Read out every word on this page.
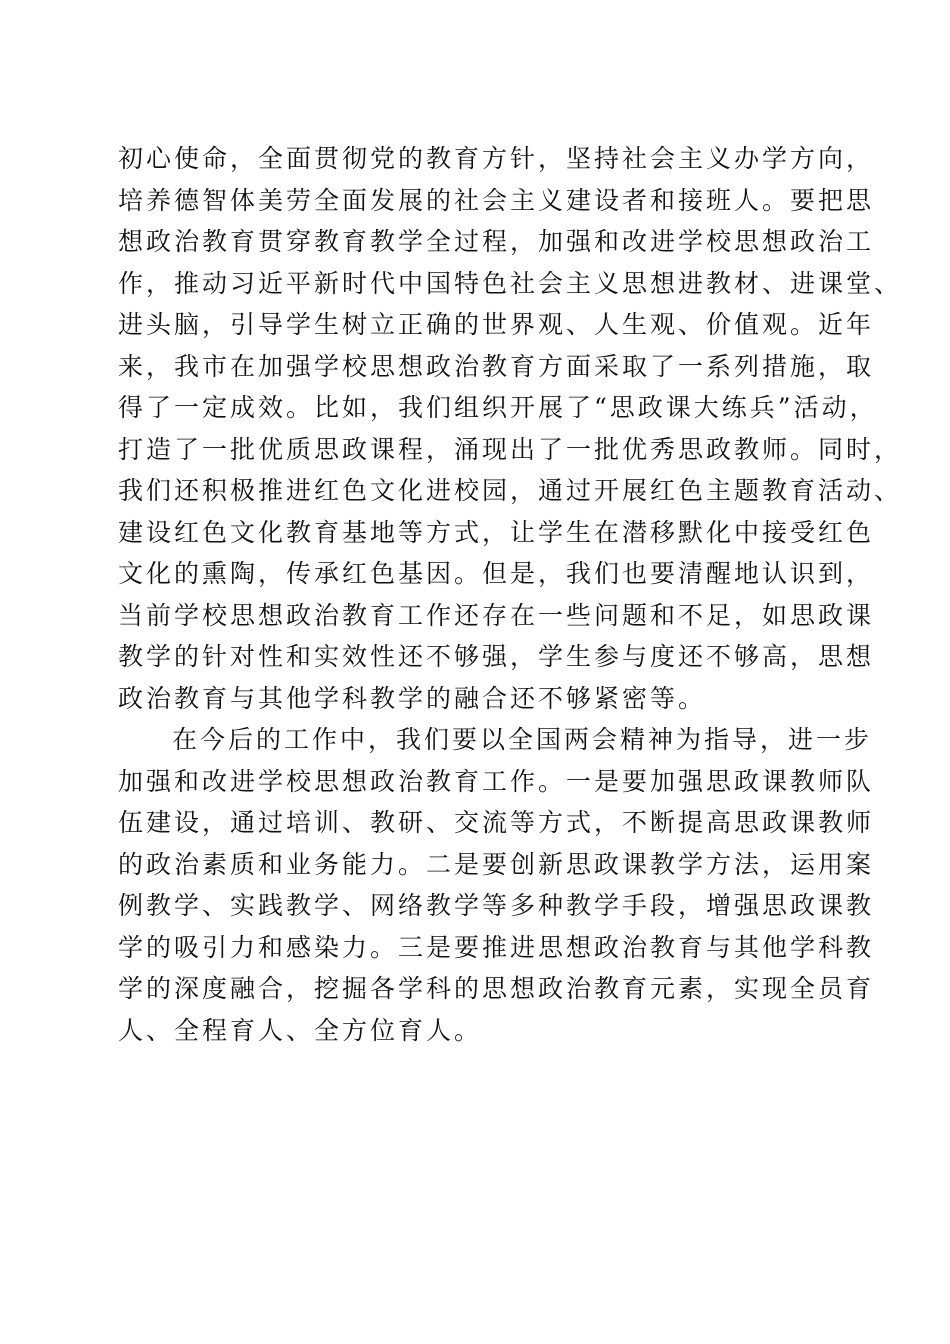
初心使命，全面贯彻党的教育方针，坚持社会主义办学方向，
培养德智体美劳全面发展的社会主义建设者和接班人。要把思
想政治教育贯穿教育教学全过程，加强和改进学校思想政治工
作，推动习近平新时代中国特色社会主义思想进教材、进课堂、
进头脑，引导学生树立正确的世界观、人生观、价值观。近年
来，我市在加强学校思想政治教育方面采取了一系列措施，取
得了一定成效。比如，我们组织开展了“思政课大练兵”活动，
打造了一批优质思政课程，涌现出了一批优秀思政教师。同时，
我们还积极推进红色文化进校园，通过开展红色主题教育活动、
建设红色文化教育基地等方式，让学生在潜移默化中接受红色
文化的熏陶，传承红色基因。但是，我们也要清醒地认识到，
当前学校思想政治教育工作还存在一些问题和不足，如思政课
教学的针对性和实效性还不够强，学生参与度还不够高，思想
政治教育与其他学科教学的融合还不够紧密等。
在今后的工作中，我们要以全国两会精神为指导，进一步
加强和改进学校思想政治教育工作。一是要加强思政课教师队
伍建设，通过培训、教研、交流等方式，不断提高思政课教师
的政治素质和业务能力。二是要创新思政课教学方法，运用案
例教学、实践教学、网络教学等多种教学手段，增强思政课教
学的吸引力和感染力。三是要推进思想政治教育与其他学科教
学的深度融合，挖掘各学科的思想政治教育元素，实现全员育
人、全程育人、全方位育人。
